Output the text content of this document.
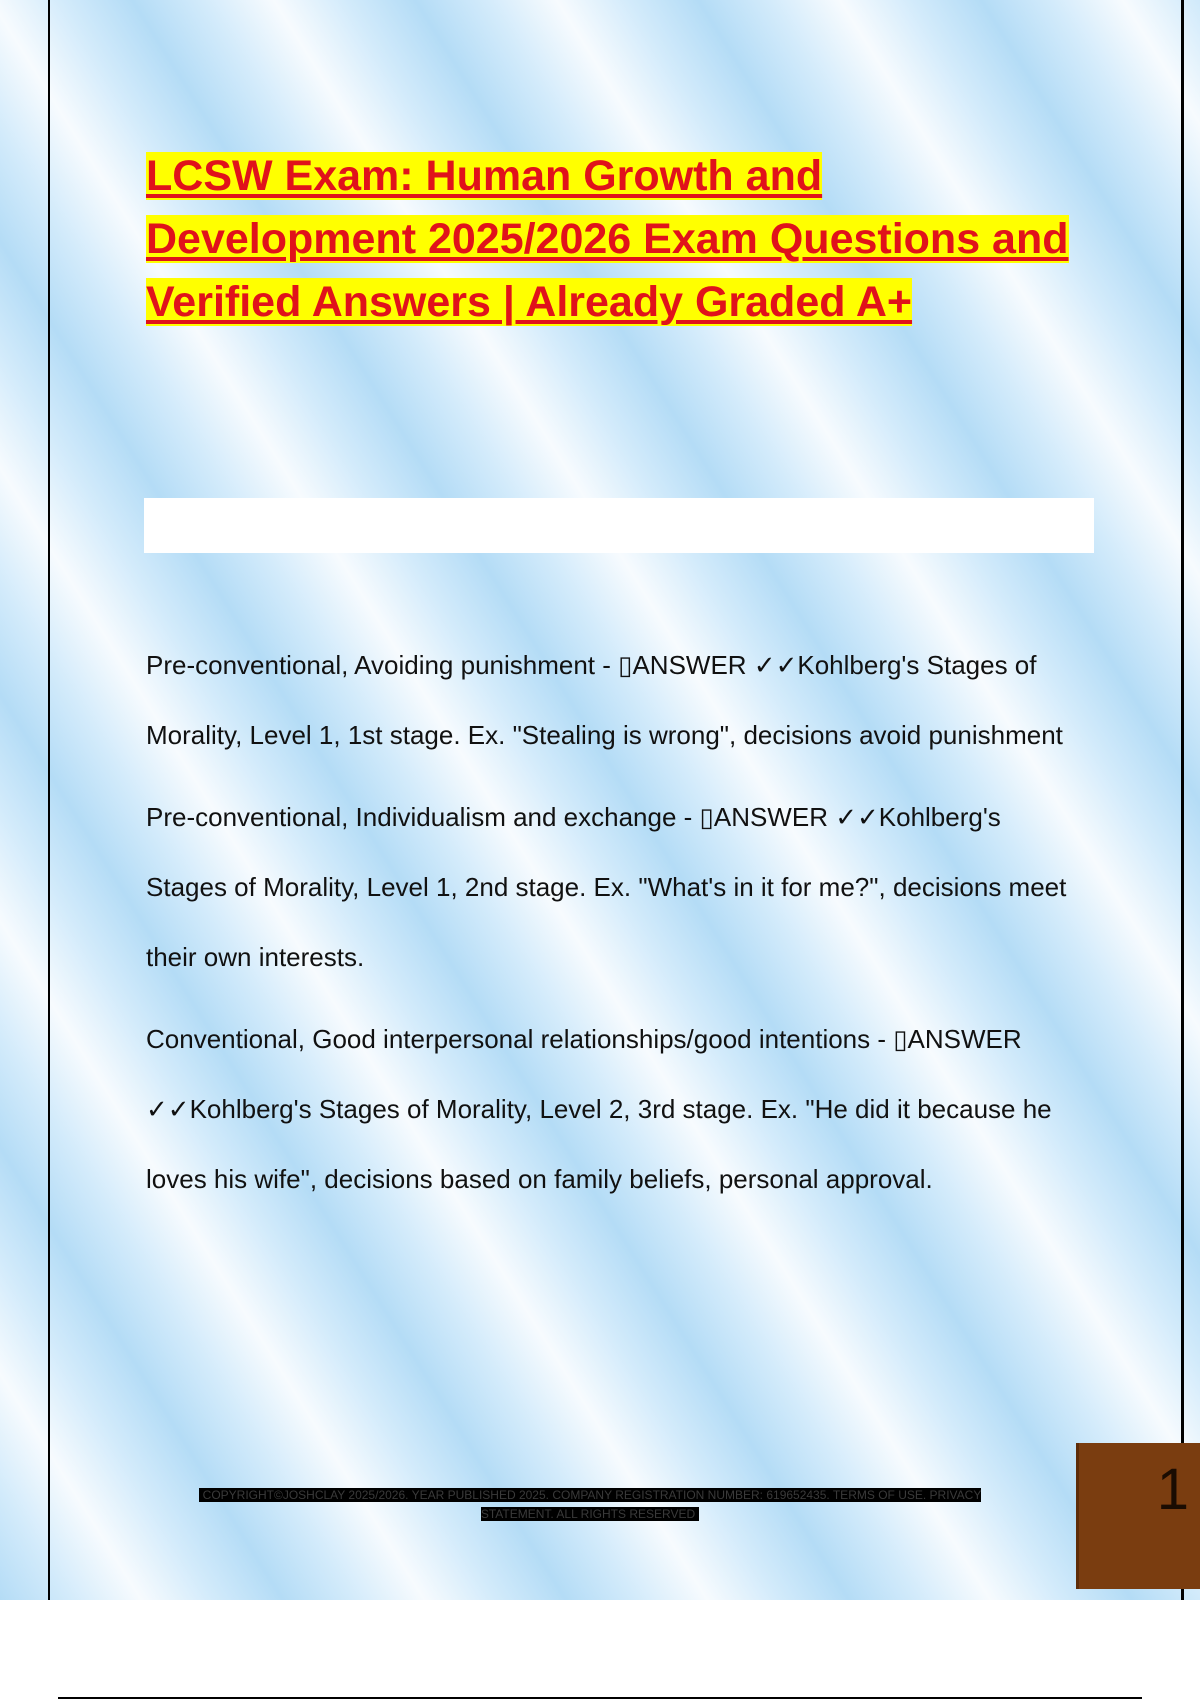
LCSW Exam: Human Growth and Development 2025/2026 Exam Questions and Verified Answers | Already Graded A+

Pre-conventional, Avoiding punishment - ▯ANSWER ✓✓Kohlberg's Stages of Morality, Level 1, 1st stage. Ex. "Stealing is wrong", decisions avoid punishment

Pre-conventional, Individualism and exchange - ▯ANSWER ✓✓Kohlberg's Stages of Morality, Level 1, 2nd stage. Ex. "What's in it for me?", decisions meet their own interests.

Conventional, Good interpersonal relationships/good intentions - ▯ANSWER ✓✓Kohlberg's Stages of Morality, Level 2, 3rd stage. Ex. "He did it because he loves his wife", decisions based on family beliefs, personal approval.

COPYRIGHT©JOSHCLAY 2025/2026. YEAR PUBLISHED 2025. COMPANY REGISTRATION NUMBER: 619652435. TERMS OF USE. PRIVACY STATEMENT. ALL RIGHTS RESERVED	1
